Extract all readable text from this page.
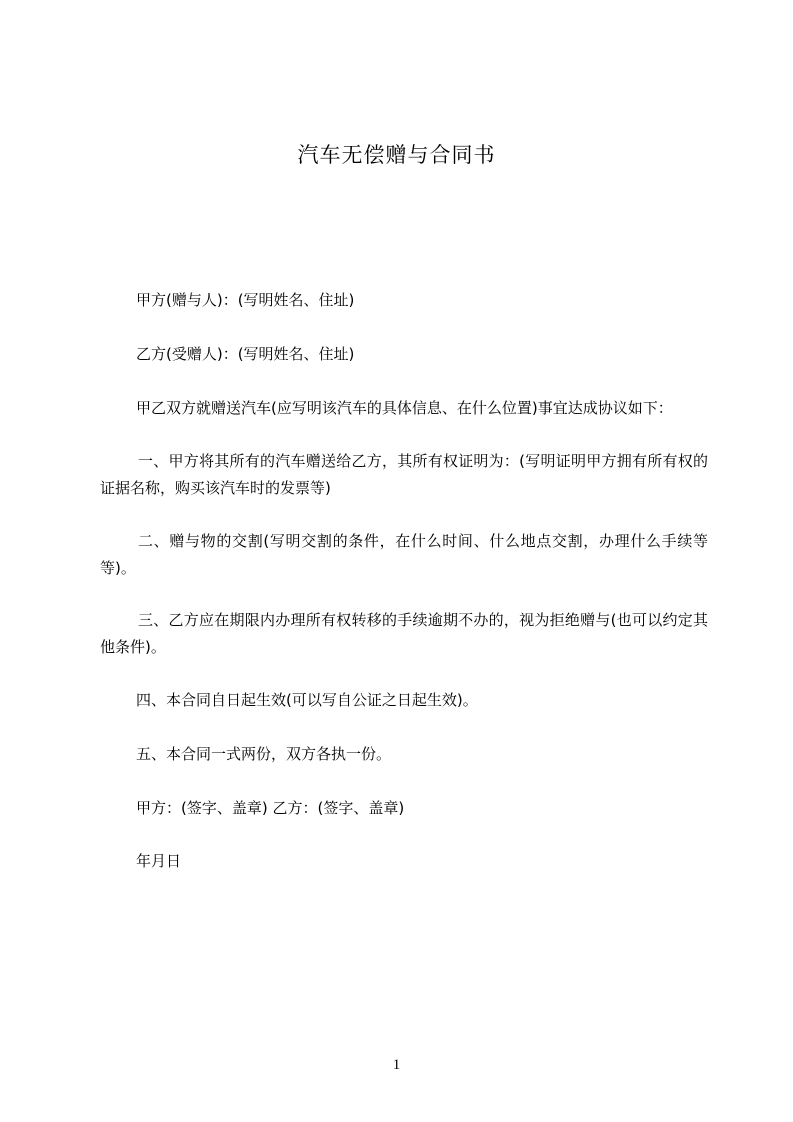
汽车无偿赠与合同书
甲方(赠与人)：(写明姓名、住址)
乙方(受赠人)：(写明姓名、住址)
甲乙双方就赠送汽车(应写明该汽车的具体信息、在什么位置)事宜达成协议如下：
一、甲方将其所有的汽车赠送给乙方，其所有权证明为：(写明证明甲方拥有所有权的证据名称，购买该汽车时的发票等)
二、赠与物的交割(写明交割的条件，在什么时间、什么地点交割，办理什么手续等等)。
三、乙方应在期限内办理所有权转移的手续逾期不办的，视为拒绝赠与(也可以约定其他条件)。
四、本合同自日起生效(可以写自公证之日起生效)。
五、本合同一式两份，双方各执一份。
甲方：(签字、盖章) 乙方：(签字、盖章)
年月日
1
